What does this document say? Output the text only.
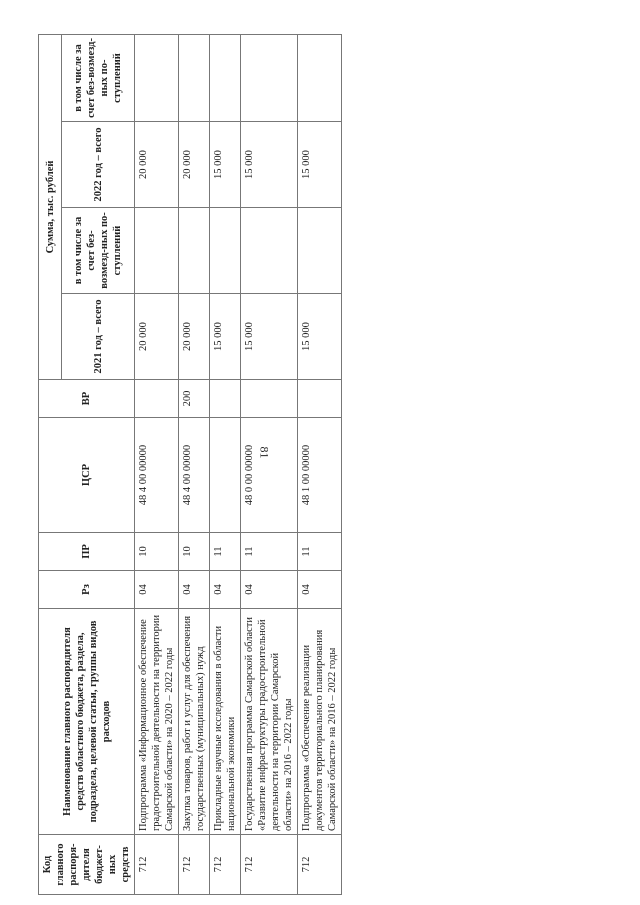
81
Код главного распоря-дителя бюджет-ных средств	Наименование главного распорядителя средств областного бюджета, раздела, подраздела, целевой статьи, группы видов расходов	Рз	ПР	ЦСР	ВР	Сумма, тыс. рублей			
						2021 год – всего	в том числе за счет без-возмезд-ных по-ступлений	2022 год – всего	в том числе за счет без-возмезд-ных по-ступлений
712	Подпрограмма «Информационное обеспечение градостроительной деятельности на территории Самарской области» на 2020 – 2022 годы	04	10	48 4 00 00000		20 000		20 000	
712	Закупка товаров, работ и услуг для обеспечения государственных (муниципальных) нужд	04	10	48 4 00 00000	200	20 000		20 000	
712	Прикладные научные исследования в области национальной экономики	04	11			15 000		15 000	
712	Государственная программа Самарской области «Развитие инфраструктуры градостроительной деятельности на территории Самарской области» на 2016 – 2022 годы	04	11	48 0 00 00000		15 000		15 000	
712	Подпрограмма «Обеспечение реализации документов территориального планирования Самарской области» на 2016 – 2022 годы	04	11	48 1 00 00000		15 000		15 000	
